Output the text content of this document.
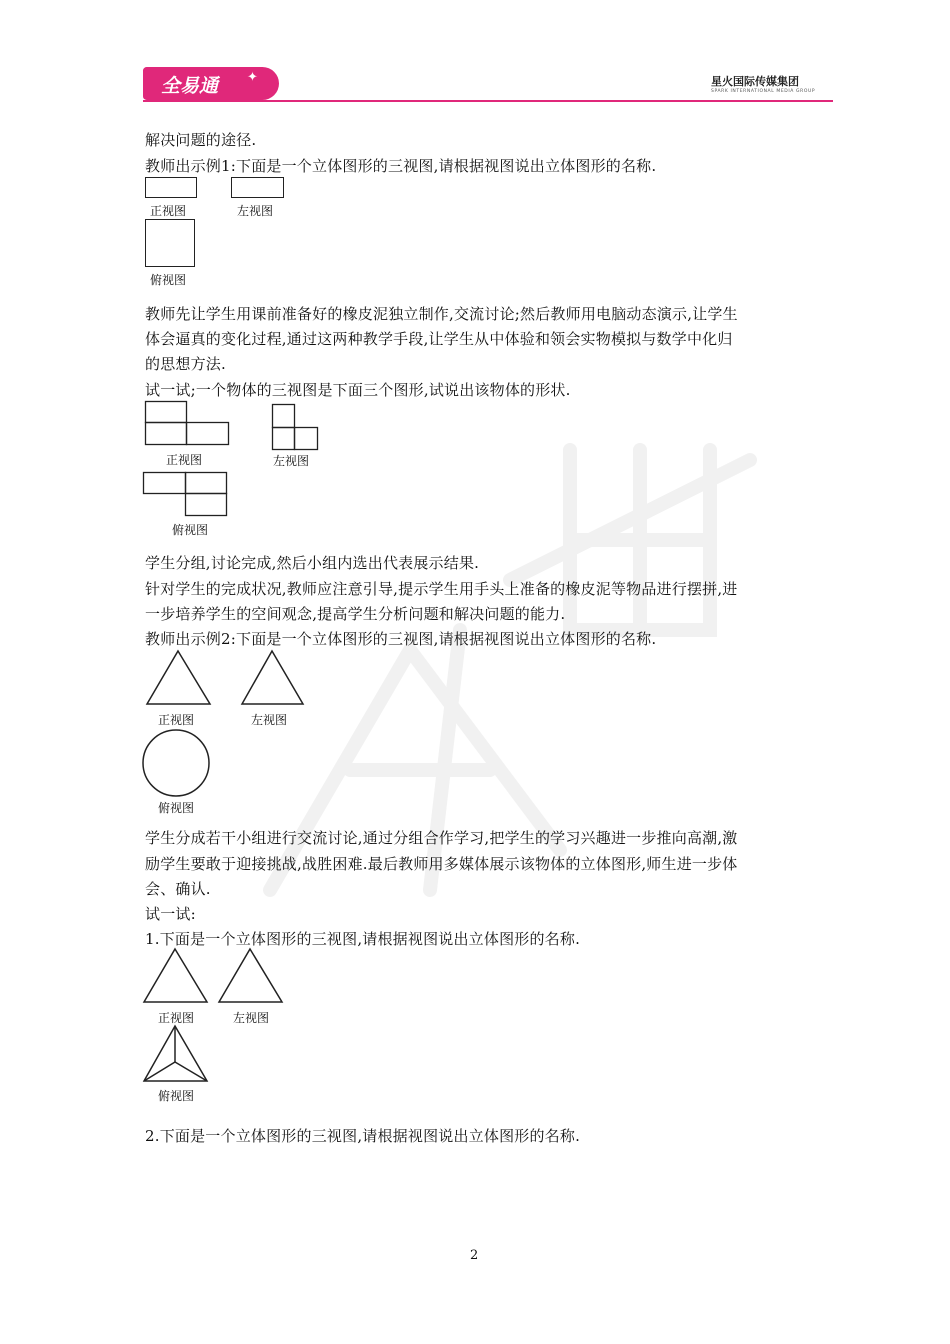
全易通 ✦	星火国际传媒集团
SPARK INTERNATIONAL MEDIA GROUP
解决问题的途径.
教师出示例1:下面是一个立体图形的三视图,请根据视图说出立体图形的名称.
正视图	左视图
俯视图
教师先让学生用课前准备好的橡皮泥独立制作,交流讨论;然后教师用电脑动态演示,让学生
体会逼真的变化过程,通过这两种教学手段,让学生从中体验和领会实物模拟与数学中化归
的思想方法.
试一试;一个物体的三视图是下面三个图形,试说出该物体的形状.
正视图	左视图
俯视图
学生分组,讨论完成,然后小组内选出代表展示结果.
针对学生的完成状况,教师应注意引导,提示学生用手头上准备的橡皮泥等物品进行摆拼,进
一步培养学生的空间观念,提高学生分析问题和解决问题的能力.
教师出示例2:下面是一个立体图形的三视图,请根据视图说出立体图形的名称.
正视图	左视图
俯视图
学生分成若干小组进行交流讨论,通过分组合作学习,把学生的学习兴趣进一步推向高潮,激
励学生要敢于迎接挑战,战胜困难.最后教师用多媒体展示该物体的立体图形,师生进一步体
会、确认.
试一试:
1.下面是一个立体图形的三视图,请根据视图说出立体图形的名称.
正视图	左视图
俯视图
2.下面是一个立体图形的三视图,请根据视图说出立体图形的名称.
2
